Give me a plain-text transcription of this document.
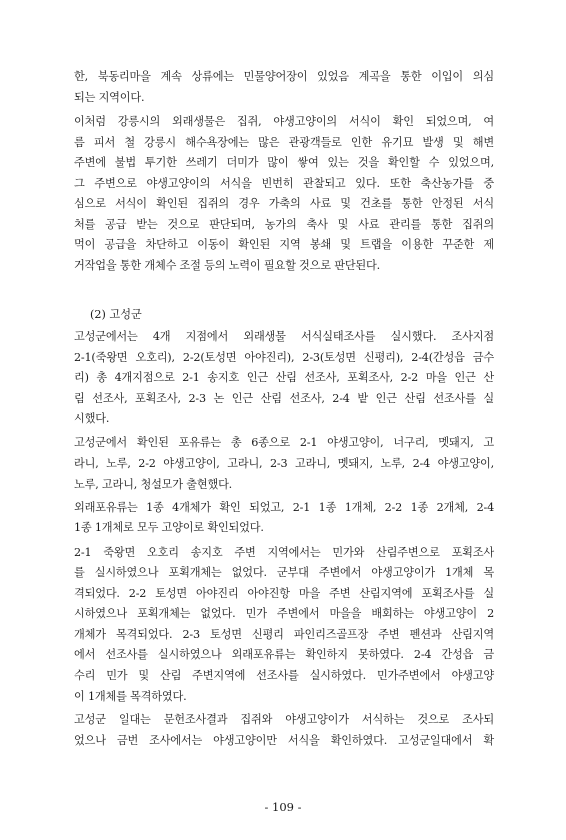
한, 북동리마을 계속 상류에는 민물양어장이 있었음 계곡을 통한 이입이 의심
되는 지역이다.
이처럼 강릉시의 외래생물은 집쥐, 야생고양이의 서식이 확인 되었으며, 여
름 피서 철 강릉시 해수욕장에는 많은 관광객들로 인한 유기묘 발생 및 해변
주변에 불법 투기한 쓰레기 더미가 많이 쌓여 있는 것을 확인할 수 있었으며,
그 주변으로 야생고양이의 서식을 빈번히 관찰되고 있다. 또한 축산농가를 중
심으로 서식이 확인된 집쥐의 경우 가축의 사료 및 건초를 통한 안정된 서식
처를 공급 받는 것으로 판단되며, 농가의 축사 및 사료 관리를 통한 집쥐의
먹이 공급을 차단하고 이동이 확인된 지역 봉쇄 및 트랩을 이용한 꾸준한 제
거작업을 통한 개체수 조절 등의 노력이 필요할 것으로 판단된다.
(2) 고성군
고성군에서는 4개 지점에서 외래생물 서식실태조사를 실시했다. 조사지점
2-1(죽왕면 오호리), 2-2(토성면 아야진리), 2-3(토성면 신평리), 2-4(간성읍 금수
리) 총 4개지점으로 2-1 송지호 인근 산림 선조사, 포획조사, 2-2 마을 인근 산
림 선조사, 포획조사, 2-3 논 인근 산림 선조사, 2-4 밭 인근 산림 선조사를 실
시했다.
고성군에서 확인된 포유류는 총 6종으로 2-1 야생고양이, 너구리, 멧돼지, 고
라니, 노루, 2-2 야생고양이, 고라니, 2-3 고라니, 멧돼지, 노루, 2-4 야생고양이,
노루, 고라니, 청설모가 출현했다.
외래포유류는 1종 4개체가 확인 되었고, 2-1 1종 1개체, 2-2 1종 2개체, 2-4
1종 1개체로 모두 고양이로 확인되었다.
2-1 죽왕면 오호리 송지호 주변 지역에서는 민가와 산림주변으로 포획조사
를 실시하였으나 포획개체는 없었다. 군부대 주변에서 야생고양이가 1개체 목
격되었다. 2-2 토성면 아야진리 아야진항 마을 주변 산림지역에 포획조사를 실
시하였으나 포획개체는 없었다. 민가 주변에서 마을을 배회하는 야생고양이 2
개체가 목격되었다. 2-3 토성면 신평리 파인리즈골프장 주변 펜션과 산림지역
에서 선조사를 실시하였으나 외래포유류는 확인하지 못하였다. 2-4 간성읍 금
수리 민가 및 산림 주변지역에 선조사를 실시하였다. 민가주변에서 야생고양
이 1개체를 목격하였다.
고성군 일대는 문헌조사결과 집쥐와 야생고양이가 서식하는 것으로 조사되
었으나 금번 조사에서는 야생고양이만 서식을 확인하였다. 고성군일대에서 확
- 109 -
